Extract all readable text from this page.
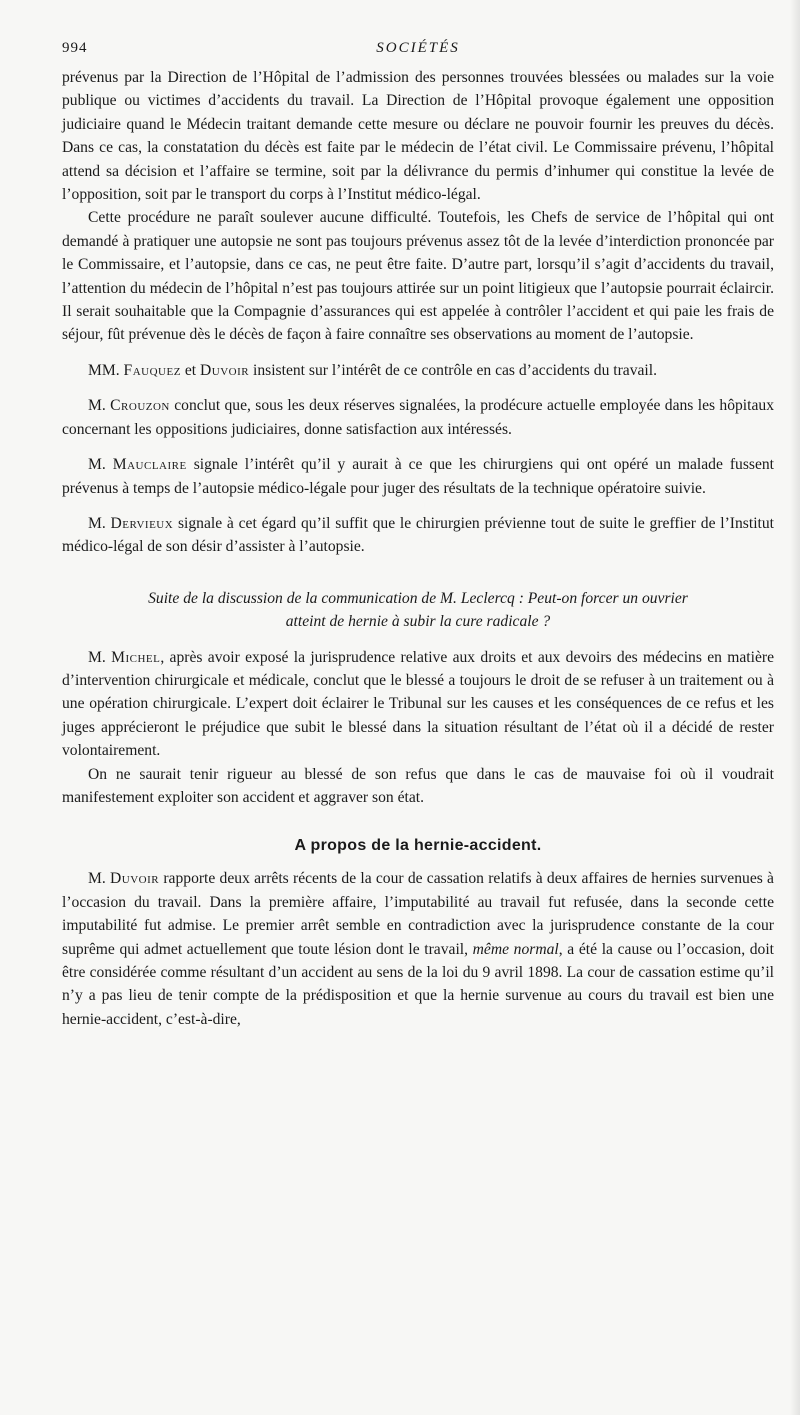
994	SOCIÉTÉS

prévenus par la Direction de l’Hôpital de l’admission des personnes trouvées blessées ou malades sur la voie publique ou victimes d’accidents du travail. La Direction de l’Hôpital provoque également une opposition judiciaire quand le Médecin traitant demande cette mesure ou déclare ne pouvoir fournir les preuves du décès. Dans ce cas, la constatation du décès est faite par le médecin de l’état civil. Le Commissaire prévenu, l’hôpital attend sa décision et l’affaire se termine, soit par la délivrance du permis d’inhumer qui constitue la levée de l’opposition, soit par le transport du corps à l’Institut médico-légal.

Cette procédure ne paraît soulever aucune difficulté. Toutefois, les Chefs de service de l’hôpital qui ont demandé à pratiquer une autopsie ne sont pas toujours prévenus assez tôt de la levée d’interdiction prononcée par le Commissaire, et l’autopsie, dans ce cas, ne peut être faite. D’autre part, lorsqu’il s’agit d’accidents du travail, l’attention du médecin de l’hôpital n’est pas toujours attirée sur un point litigieux que l’autopsie pourrait éclaircir. Il serait souhaitable que la Compagnie d’assurances qui est appelée à contrôler l’accident et qui paie les frais de séjour, fût prévenue dès le décès de façon à faire connaître ses observations au moment de l’autopsie.

MM. Fauquez et Duvoir insistent sur l’intérêt de ce contrôle en cas d’accidents du travail.

M. Crouzon conclut que, sous les deux réserves signalées, la prodécure actuelle employée dans les hôpitaux concernant les oppositions judiciaires, donne satisfaction aux intéressés.

M. Mauclaire signale l’intérêt qu’il y aurait à ce que les chirurgiens qui ont opéré un malade fussent prévenus à temps de l’autopsie médico-légale pour juger des résultats de la technique opératoire suivie.

M. Dervieux signale à cet égard qu’il suffit que le chirurgien prévienne tout de suite le greffier de l’Institut médico-légal de son désir d’assister à l’autopsie.

Suite de la discussion de la communication de M. Leclercq : Peut-on forcer un ouvrier
atteint de hernie à subir la cure radicale ?

M. Michel, après avoir exposé la jurisprudence relative aux droits et aux devoirs des médecins en matière d’intervention chirurgicale et médicale, conclut que le blessé a toujours le droit de se refuser à un traitement ou à une opération chirurgicale. L’expert doit éclairer le Tribunal sur les causes et les conséquences de ce refus et les juges apprécieront le préjudice que subit le blessé dans la situation résultant de l’état où il a décidé de rester volontairement.

On ne saurait tenir rigueur au blessé de son refus que dans le cas de mauvaise foi où il voudrait manifestement exploiter son accident et aggraver son état.

A propos de la hernie-accident.

M. Duvoir rapporte deux arrêts récents de la cour de cassation relatifs à deux affaires de hernies survenues à l’occasion du travail. Dans la première affaire, l’imputabilité au travail fut refusée, dans la seconde cette imputabilité fut admise. Le premier arrêt semble en contradiction avec la jurisprudence constante de la cour suprême qui admet actuellement que toute lésion dont le travail, même normal, a été la cause ou l’occasion, doit être considérée comme résultant d’un accident au sens de la loi du 9 avril 1898. La cour de cassation estime qu’il n’y a pas lieu de tenir compte de la prédisposition et que la hernie survenue au cours du travail est bien une hernie-accident, c’est-à-dire,
